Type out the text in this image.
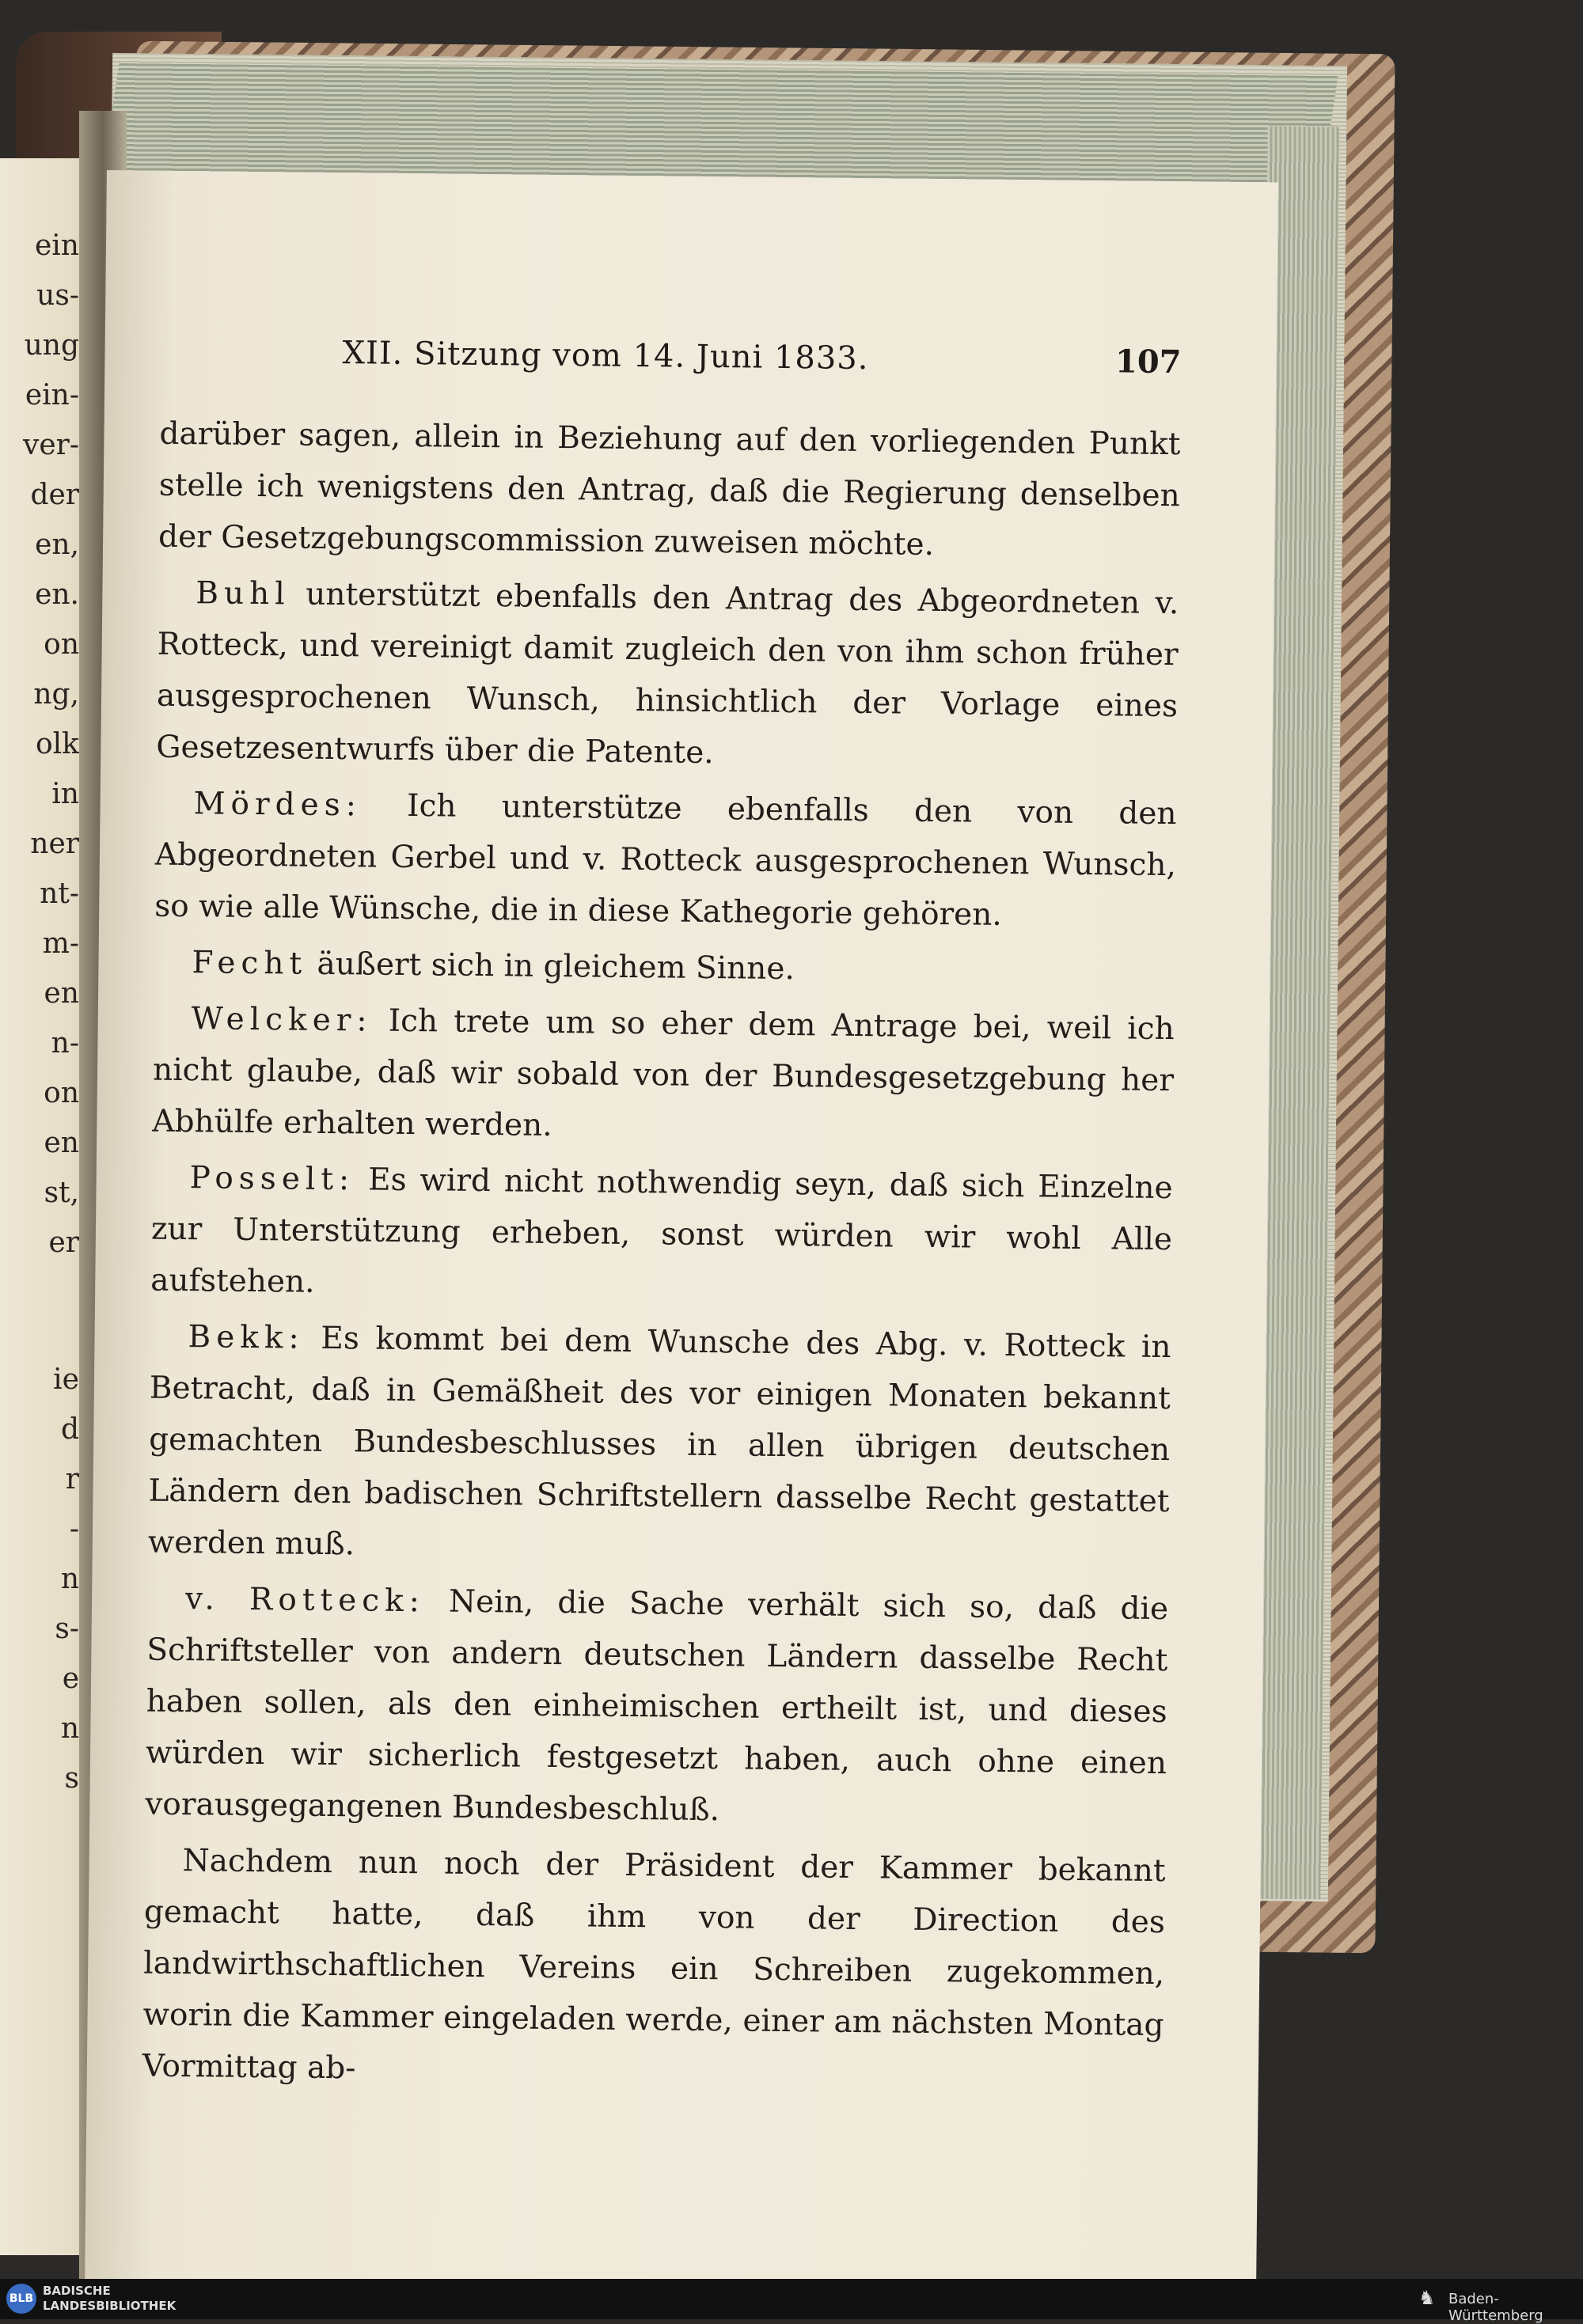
ein
us-
ung
ein-
ver-
der
en,
en.
on
ng,
olk
in
ner
nt-
m-
en
n-
on
en
st,
er
ie
d
r
-
n
s-
e
n
s
XII. Sitzung vom 14. Juni 1833.	107

darüber sagen, allein in Beziehung auf den vorliegenden Punkt stelle ich wenigstens den Antrag, daß die Regierung denselben der Gesetzgebungscommission zuweisen möchte.

Buhl unterstützt ebenfalls den Antrag des Abgeordneten v. Rotteck, und vereinigt damit zugleich den von ihm schon früher ausgesprochenen Wunsch, hinsichtlich der Vorlage eines Gesetzesentwurfs über die Patente.

Mördes: Ich unterstütze ebenfalls den von den Abgeordneten Gerbel und v. Rotteck ausgesprochenen Wunsch, so wie alle Wünsche, die in diese Kathegorie gehören.

Fecht äußert sich in gleichem Sinne.

Welcker: Ich trete um so eher dem Antrage bei, weil ich nicht glaube, daß wir sobald von der Bundesgesetzgebung her Abhülfe erhalten werden.

Posselt: Es wird nicht nothwendig seyn, daß sich Einzelne zur Unterstützung erheben, sonst würden wir wohl Alle aufstehen.

Bekk: Es kommt bei dem Wunsche des Abg. v. Rotteck in Betracht, daß in Gemäßheit des vor einigen Monaten bekannt gemachten Bundesbeschlusses in allen übrigen deutschen Ländern den badischen Schriftstellern dasselbe Recht gestattet werden muß.

v. Rotteck: Nein, die Sache verhält sich so, daß die Schriftsteller von andern deutschen Ländern dasselbe Recht haben sollen, als den einheimischen ertheilt ist, und dieses würden wir sicherlich festgesetzt haben, auch ohne einen vorausgegangenen Bundesbeschluß.

Nachdem nun noch der Präsident der Kammer bekannt gemacht hatte, daß ihm von der Direction des landwirthschaftlichen Vereins ein Schreiben zugekommen, worin die Kammer eingeladen werde, einer am nächsten Montag Vormittag ab-

BLB
BADISCHE
LANDESBIBLIOTHEK	♞ Baden-Württemberg
